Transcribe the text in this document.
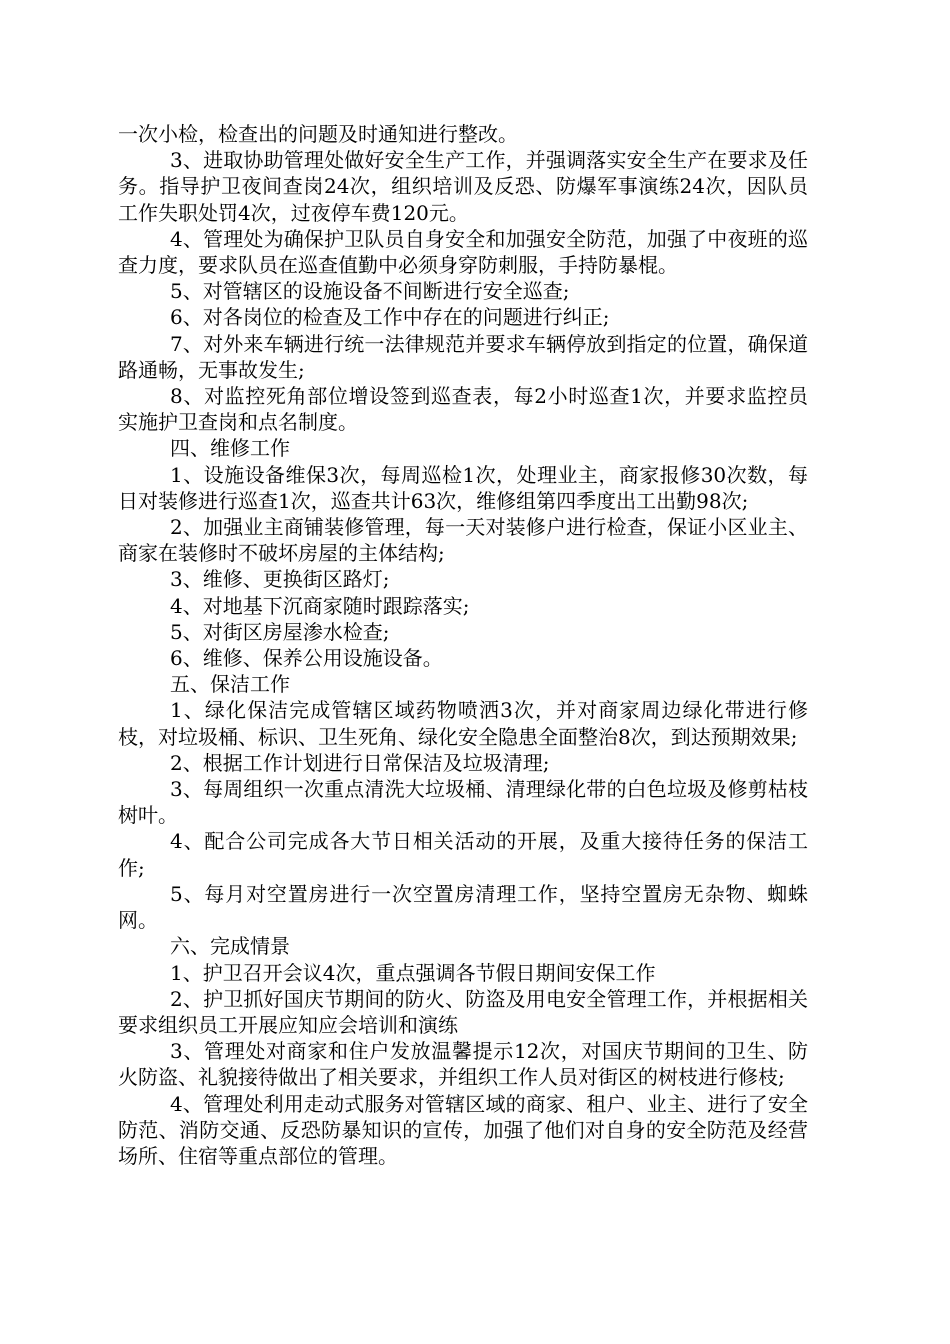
一次小检，检查出的问题及时通知进行整改。

3、进取协助管理处做好安全生产工作，并强调落实安全生产在要求及任务。指导护卫夜间查岗24次，组织培训及反恐、防爆军事演练24次，因队员工作失职处罚4次，过夜停车费120元。

4、管理处为确保护卫队员自身安全和加强安全防范，加强了中夜班的巡查力度，要求队员在巡查值勤中必须身穿防刺服，手持防暴棍。

5、对管辖区的设施设备不间断进行安全巡查;

6、对各岗位的检查及工作中存在的问题进行纠正;

7、对外来车辆进行统一法律规范并要求车辆停放到指定的位置，确保道路通畅，无事故发生;

8、对监控死角部位增设签到巡查表，每2小时巡查1次，并要求监控员实施护卫查岗和点名制度。

四、维修工作

1、设施设备维保3次，每周巡检1次，处理业主，商家报修30次数，每日对装修进行巡查1次，巡查共计63次，维修组第四季度出工出勤98次;

2、加强业主商铺装修管理，每一天对装修户进行检查，保证小区业主、商家在装修时不破坏房屋的主体结构;

3、维修、更换街区路灯;

4、对地基下沉商家随时跟踪落实;

5、对街区房屋渗水检查;

6、维修、保养公用设施设备。

五、保洁工作

1、绿化保洁完成管辖区域药物喷洒3次，并对商家周边绿化带进行修枝，对垃圾桶、标识、卫生死角、绿化安全隐患全面整治8次，到达预期效果;

2、根据工作计划进行日常保洁及垃圾清理;

3、每周组织一次重点清洗大垃圾桶、清理绿化带的白色垃圾及修剪枯枝树叶。

4、配合公司完成各大节日相关活动的开展，及重大接待任务的保洁工作;

5、每月对空置房进行一次空置房清理工作，坚持空置房无杂物、蜘蛛网。

六、完成情景

1、护卫召开会议4次，重点强调各节假日期间安保工作

2、护卫抓好国庆节期间的防火、防盗及用电安全管理工作，并根据相关要求组织员工开展应知应会培训和演练

3、管理处对商家和住户发放温馨提示12次，对国庆节期间的卫生、防火防盗、礼貌接待做出了相关要求，并组织工作人员对街区的树枝进行修枝;

4、管理处利用走动式服务对管辖区域的商家、租户、业主、进行了安全防范、消防交通、反恐防暴知识的宣传，加强了他们对自身的安全防范及经营场所、住宿等重点部位的管理。
